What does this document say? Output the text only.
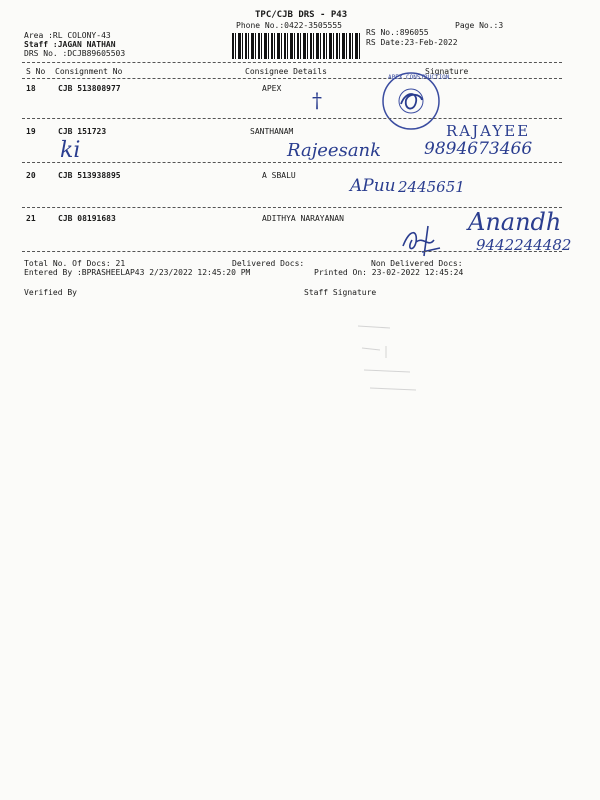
TPC/CJB DRS - P43
Phone No.:0422-3505555
RS No.:896055
Page No.:3
RS Date:23-Feb-2022
Area :RL COLONY-43
Staff :JAGAN NATHAN
DRS No. :DCJB89605503
S No Consignment No	Consignee Details	Signature
18	CJB 513808977	APEX †
APEX CONSTRUCTION
19	CJB 151723	SANTHANAM
ki
RAJAYEE
Rajeesank	9894673466
20	CJB 513938895	A SBALU
APuu 2445651
21	CJB 08191683	ADITHYA NARAYANAN	Anandh
9442244482
Total No. Of Docs: 21	Delivered Docs:	Non Delivered Docs:
Entered By :BPRASHEELAP43 2/23/2022 12:45:20 PM	Printed On: 23-02-2022 12:45:24
Verified By	Staff Signature
